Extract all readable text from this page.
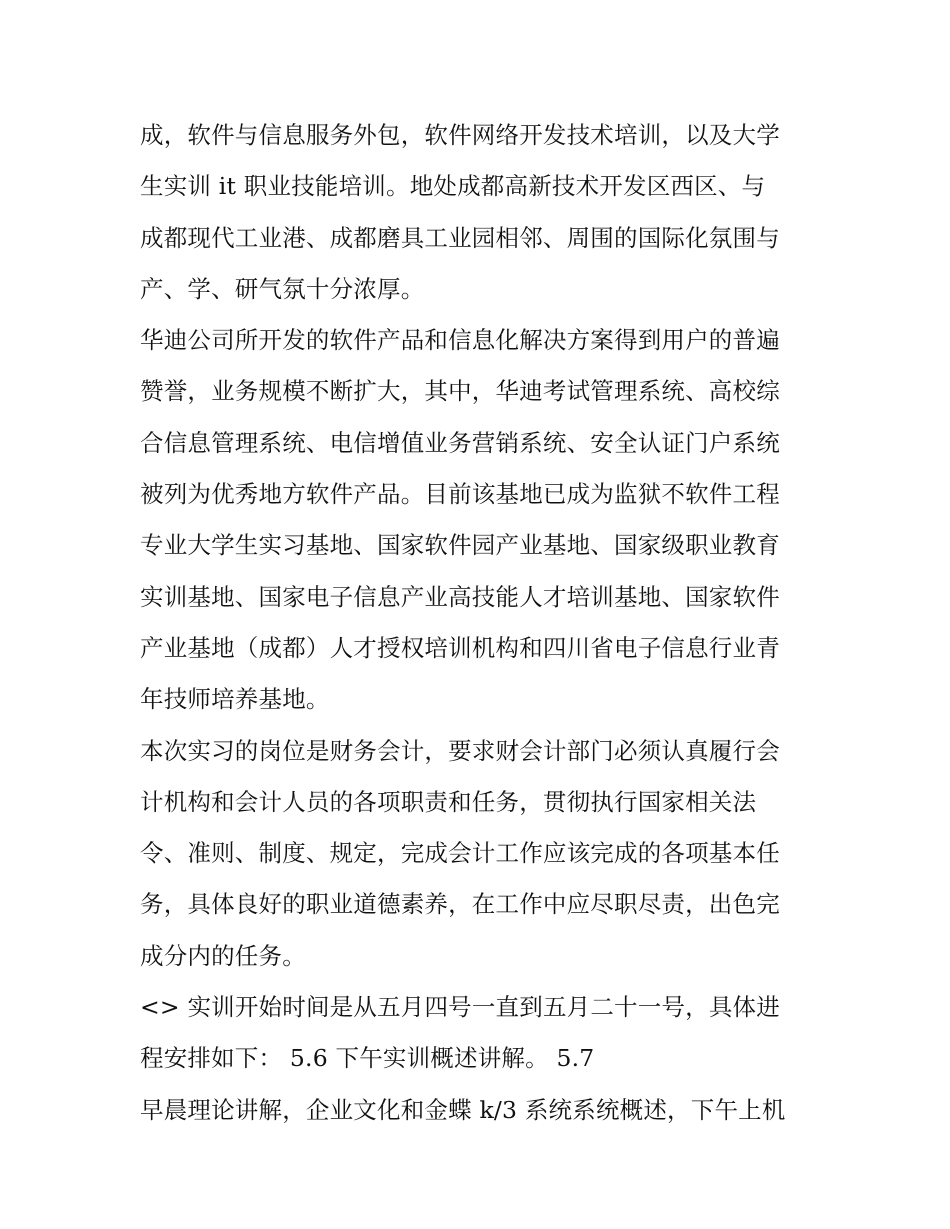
成，软件与信息服务外包，软件网络开发技术培训，以及大学
生实训 it 职业技能培训。地处成都高新技术开发区西区、与
成都现代工业港、成都磨具工业园相邻、周围的国际化氛围与
产、学、研气氛十分浓厚。
华迪公司所开发的软件产品和信息化解决方案得到用户的普遍
赞誉，业务规模不断扩大，其中，华迪考试管理系统、高校综
合信息管理系统、电信增值业务营销系统、安全认证门户系统
被列为优秀地方软件产品。目前该基地已成为监狱不软件工程
专业大学生实习基地、国家软件园产业基地、国家级职业教育
实训基地、国家电子信息产业高技能人才培训基地、国家软件
产业基地（成都）人才授权培训机构和四川省电子信息行业青
年技师培养基地。
本次实习的岗位是财务会计，要求财会计部门必须认真履行会
计机构和会计人员的各项职责和任务，贯彻执行国家相关法
令、准则、制度、规定，完成会计工作应该完成的各项基本任
务，具体良好的职业道德素养，在工作中应尽职尽责，出色完
成分内的任务。
<> 实训开始时间是从五月四号一直到五月二十一号，具体进
程安排如下： 5.6 下午实训概述讲解。 5.7
早晨理论讲解，企业文化和金蝶 k/3 系统系统概述，下午上机
